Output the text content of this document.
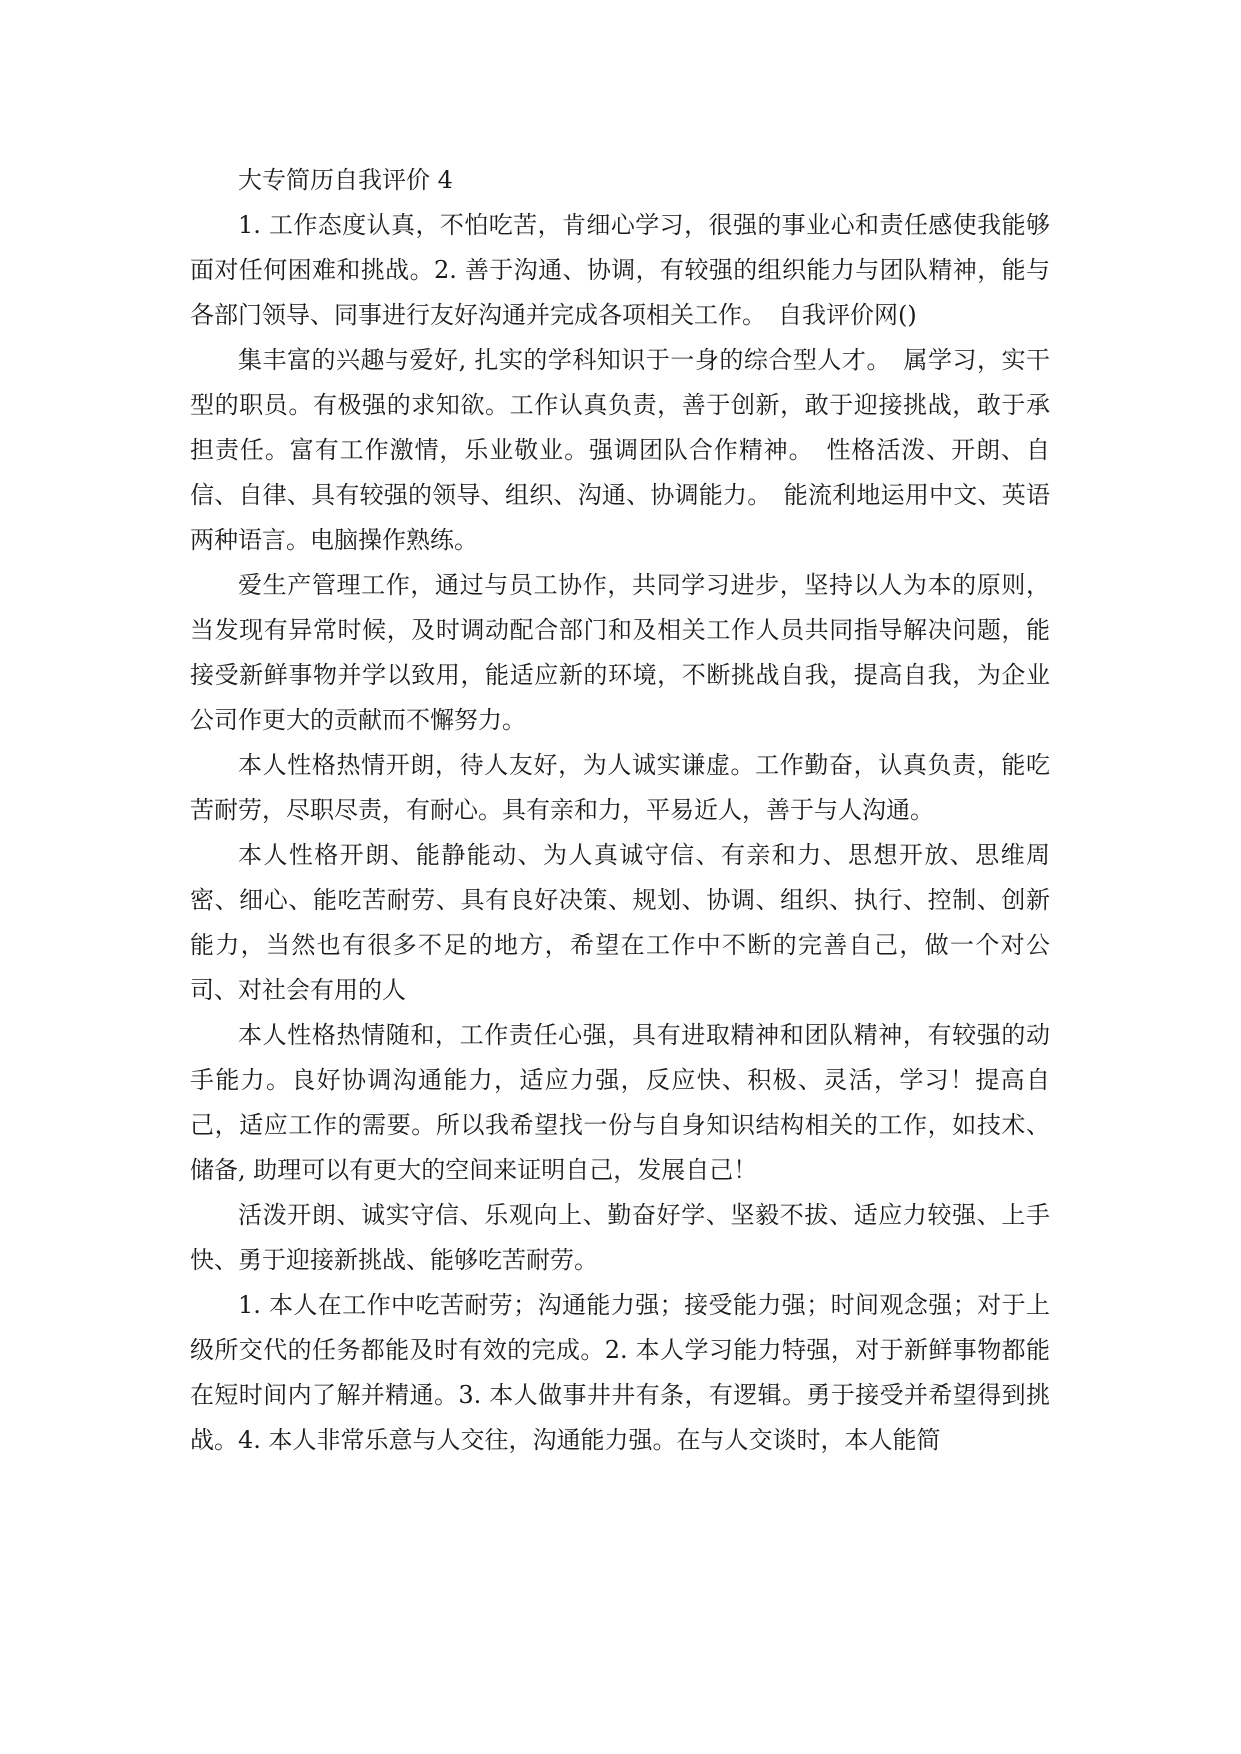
大专简历自我评价 4

1. 工作态度认真，不怕吃苦，肯细心学习，很强的事业心和责任感使我能够面对任何困难和挑战。2. 善于沟通、协调，有较强的组织能力与团队精神，能与各部门领导、同事进行友好沟通并完成各项相关工作。　自我评价网()

集丰富的兴趣与爱好, 扎实的学科知识于一身的综合型人才。　属学习，实干型的职员。有极强的求知欲。工作认真负责，善于创新，敢于迎接挑战，敢于承担责任。富有工作激情，乐业敬业。强调团队合作精神。　性格活泼、开朗、自信、自律、具有较强的领导、组织、沟通、协调能力。　能流利地运用中文、英语两种语言。电脑操作熟练。

爱生产管理工作，通过与员工协作，共同学习进步，坚持以人为本的原则，当发现有异常时候，及时调动配合部门和及相关工作人员共同指导解决问题，能接受新鲜事物并学以致用，能适应新的环境，不断挑战自我，提高自我，为企业公司作更大的贡献而不懈努力。

本人性格热情开朗，待人友好，为人诚实谦虚。工作勤奋，认真负责，能吃苦耐劳，尽职尽责，有耐心。具有亲和力，平易近人，善于与人沟通。

本人性格开朗、能静能动、为人真诚守信、有亲和力、思想开放、思维周密、细心、能吃苦耐劳、具有良好决策、规划、协调、组织、执行、控制、创新能力，当然也有很多不足的地方，希望在工作中不断的完善自己，做一个对公司、对社会有用的人

本人性格热情随和，工作责任心强，具有进取精神和团队精神，有较强的动手能力。良好协调沟通能力，适应力强，反应快、积极、灵活，学习！提高自己，适应工作的需要。所以我希望找一份与自身知识结构相关的工作，如技术、储备, 助理可以有更大的空间来证明自己，发展自己！

活泼开朗、诚实守信、乐观向上、勤奋好学、坚毅不拔、适应力较强、上手快、勇于迎接新挑战、能够吃苦耐劳。

1. 本人在工作中吃苦耐劳；沟通能力强；接受能力强；时间观念强；对于上级所交代的任务都能及时有效的完成。2. 本人学习能力特强，对于新鲜事物都能在短时间内了解并精通。3. 本人做事井井有条，有逻辑。勇于接受并希望得到挑战。4. 本人非常乐意与人交往，沟通能力强。在与人交谈时，本人能简
